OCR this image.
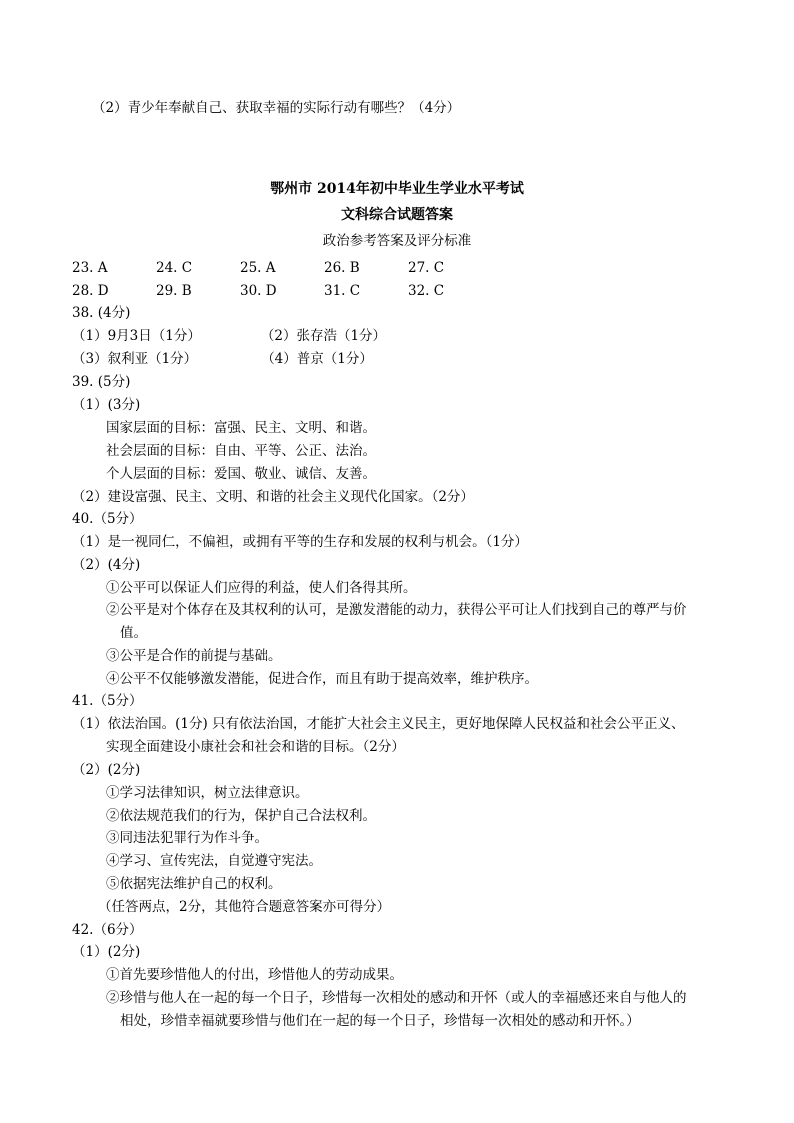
（2）青少年奉献自己、获取幸福的实际行动有哪些？（4分）
鄂州市 2014年初中毕业生学业水平考试
文科综合试题答案
政治参考答案及评分标准
23. A	24. C	25. A	26. B	27. C
28. D	29. B	30. D	31. C	32. C
38. (4分)
（1）9月3日（1分）	（2）张存浩（1分）
（3）叙利亚（1分）	（4）普京（1分）
39. (5分)
（1）(3分)
国家层面的目标：富强、民主、文明、和谐。
社会层面的目标：自由、平等、公正、法治。
个人层面的目标：爱国、敬业、诚信、友善。
（2）建设富强、民主、文明、和谐的社会主义现代化国家。（2分）
40.（5分）
（1）是一视同仁，不偏袒，或拥有平等的生存和发展的权利与机会。（1分）
（2）(4分)
①公平可以保证人们应得的利益，使人们各得其所。
②公平是对个体存在及其权利的认可，是激发潜能的动力，获得公平可让人们找到自己的尊严与价
值。
③公平是合作的前提与基础。
④公平不仅能够激发潜能，促进合作，而且有助于提高效率，维护秩序。
41.（5分）
（1）依法治国。(1分) 只有依法治国，才能扩大社会主义民主，更好地保障人民权益和社会公平正义、
实现全面建设小康社会和社会和谐的目标。（2分）
（2）(2分)
①学习法律知识，树立法律意识。
②依法规范我们的行为，保护自己合法权利。
③同违法犯罪行为作斗争。
④学习、宣传宪法，自觉遵守宪法。
⑤依据宪法维护自己的权利。
（任答两点，2分，其他符合题意答案亦可得分）
42.（6分）
（1）(2分)
①首先要珍惜他人的付出，珍惜他人的劳动成果。
②珍惜与他人在一起的每一个日子，珍惜每一次相处的感动和开怀（或人的幸福感还来自与他人的
相处，珍惜幸福就要珍惜与他们在一起的每一个日子，珍惜每一次相处的感动和开怀。）
